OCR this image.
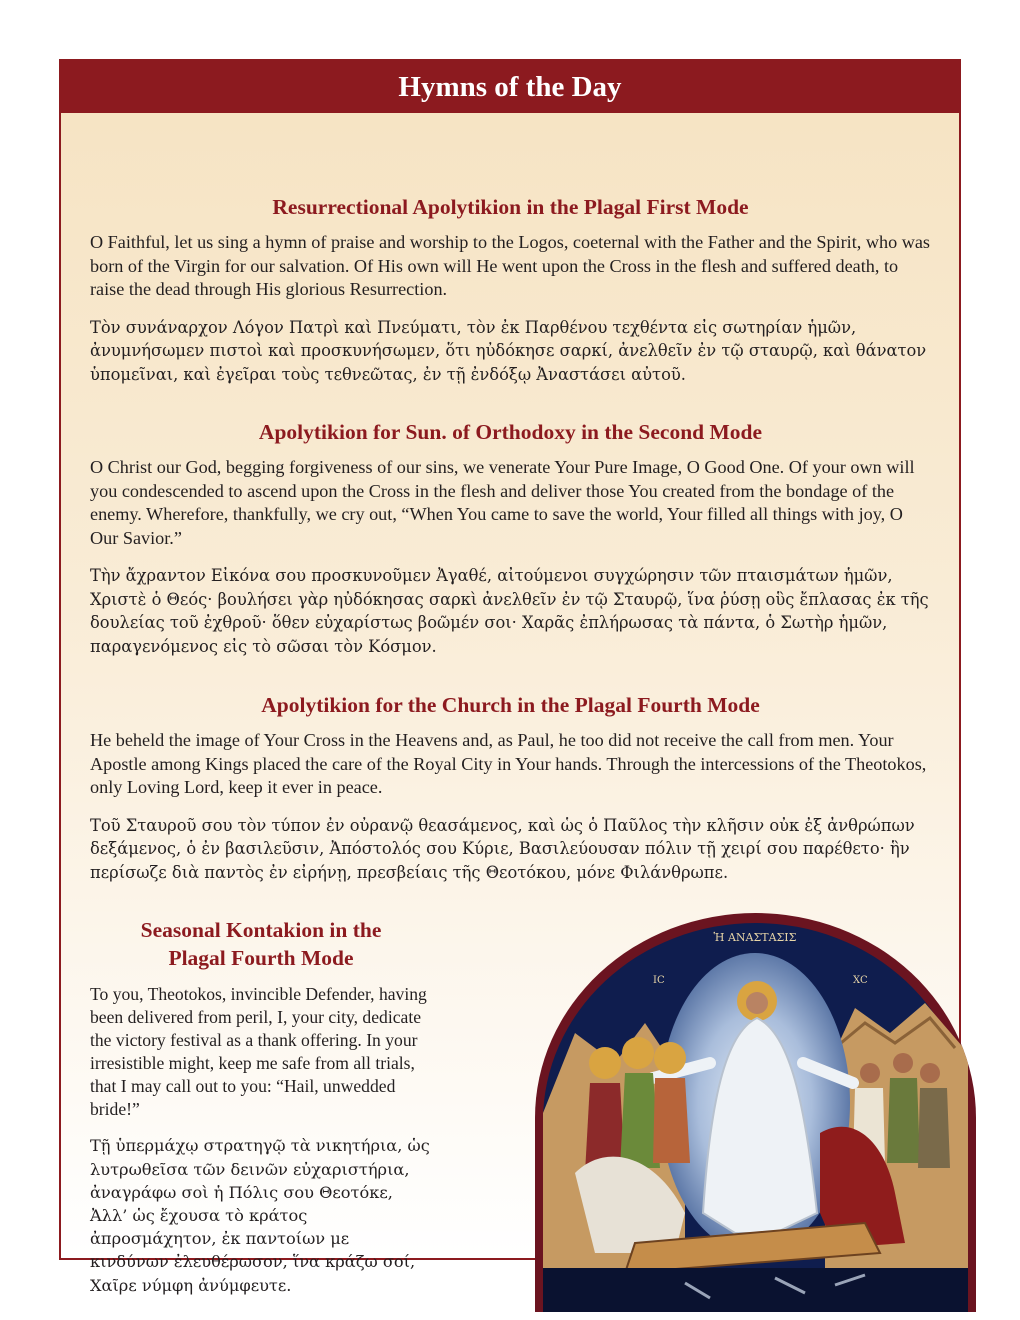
Hymns of the Day
Resurrectional Apolytikion in the Plagal First Mode

O Faithful, let us sing a hymn of praise and worship to the Logos, coeternal with the Father and the Spirit, who was born of the Virgin for our salvation. Of His own will He went upon the Cross in the flesh and suffered death, to raise the dead through His glorious Resurrection.

Τὸν συνάναρχον Λόγον Πατρὶ καὶ Πνεύματι, τὸν ἐκ Παρθένου τεχθέντα εἰς σωτηρίαν ἡμῶν, ἀνυμνήσωμεν πιστοὶ καὶ προσκυνήσωμεν, ὅτι ηὐδόκησε σαρκί, ἀνελθεῖν ἐν τῷ σταυρῷ, καὶ θάνατον ὑπομεῖναι, καὶ ἐγεῖραι τοὺς τεθνεῶτας, ἐν τῇ ἐνδόξῳ Ἀναστάσει αὐτοῦ.

Apolytikion for Sun. of Orthodoxy in the Second Mode

O Christ our God, begging forgiveness of our sins, we venerate Your Pure Image, O Good One. Of your own will you condescended to ascend upon the Cross in the flesh and deliver those You created from the bondage of the enemy. Wherefore, thankfully, we cry out, “When You came to save the world, Your filled all things with joy, O Our Savior.”

Τὴν ἄχραντον Εἰκόνα σου προσκυνοῦμεν Ἀγαθέ, αἰτούμενοι συγχώρησιν τῶν πταισμάτων ἡμῶν, Χριστὲ ὁ Θεός· βουλήσει γὰρ ηὐδόκησας σαρκὶ ἀνελθεῖν ἐν τῷ Σταυρῷ, ἵνα ῥύσῃ οὓς ἔπλασας ἐκ τῆς δουλείας τοῦ ἐχθροῦ· ὅθεν εὐχαρίστως βοῶμέν σοι· Χαρᾶς ἐπλήρωσας τὰ πάντα, ὁ Σωτὴρ ἡμῶν, παραγενόμενος εἰς τὸ σῶσαι τὸν Κόσμον.

Apolytikion for the Church in the Plagal Fourth Mode

He beheld the image of Your Cross in the Heavens and, as Paul, he too did not receive the call from men. Your Apostle among Kings placed the care of the Royal City in Your hands. Through the intercessions of the Theotokos, only Loving Lord, keep it ever in peace.

Τοῦ Σταυροῦ σου τὸν τύπον ἐν οὐρανῷ θεασάμενος, καὶ ὡς ὁ Παῦλος τὴν κλῆσιν οὐκ ἐξ ἀνθρώπων δεξάμενος, ὁ ἐν βασιλεῦσιν, Ἀπόστολός σου Κύριε, Βασιλεύουσαν πόλιν τῇ χειρί σου παρέθετο· ἣν περίσωζε διὰ παντὸς ἐν εἰρήνῃ, πρεσβείαις τῆς Θεοτόκου, μόνε Φιλάνθρωπε.

Seasonal Kontakion in the
Plagal Fourth Mode

To you, Theotokos, invincible Defender, having been delivered from peril, I, your city, dedicate the victory festival as a thank offering. In your irresistible might, keep me safe from all trials, that I may call out to you: “Hail, unwedded bride!”

Τῇ ὑπερμάχῳ στρατηγῷ τὰ νικητήρια, ὡς λυτρωθεῖσα τῶν δεινῶν εὐχαριστήρια, ἀναγράφω σοὶ ἡ Πόλις σου Θεοτόκε, Ἀλλ’ ὡς ἔχουσα τὸ κράτος ἀπροσμάχητον, ἐκ παντοίων με κινδύνων ἐλευθέρωσον, ἵνα κράζω σοί, Χαῖρε νύμφη ἀνύμφευτε.

Ἡ ΑΝΑΣΤΑΣΙΣ
IC	XC
